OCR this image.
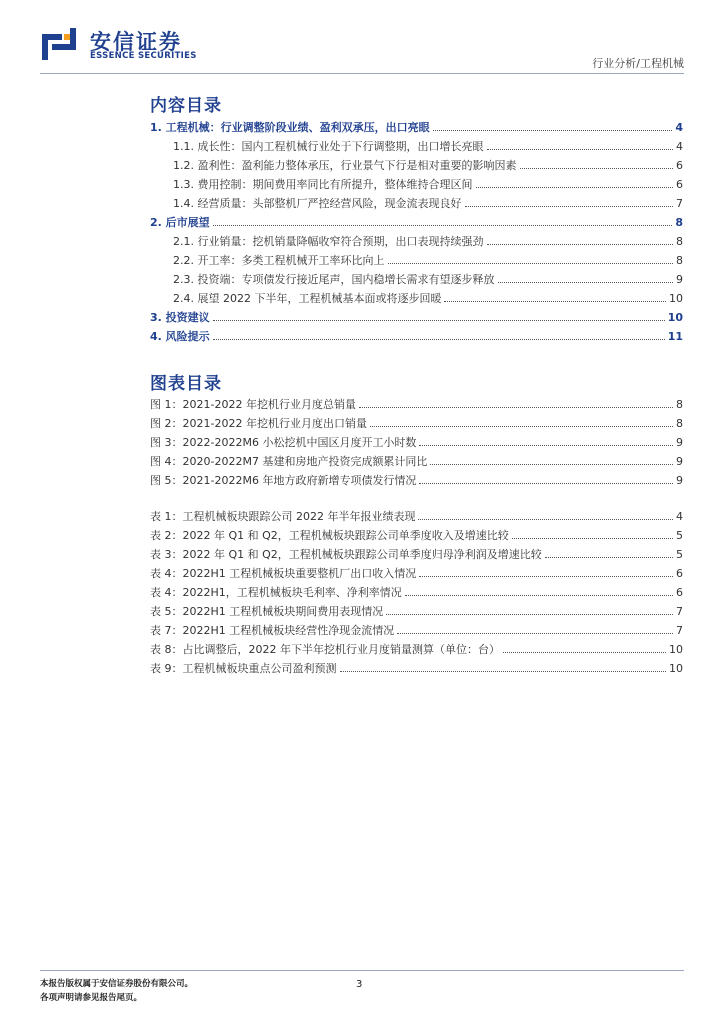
安信证券
ESSENCE SECURITIES
行业分析/工程机械
内容目录
1. 工程机械：行业调整阶段业绩、盈利双承压，出口亮眼	4
1.1. 成长性：国内工程机械行业处于下行调整期，出口增长亮眼	4
1.2. 盈利性：盈利能力整体承压，行业景气下行是相对重要的影响因素	6
1.3. 费用控制：期间费用率同比有所提升，整体维持合理区间	6
1.4. 经营质量：头部整机厂严控经营风险，现金流表现良好	7
2. 后市展望	8
2.1. 行业销量：挖机销量降幅收窄符合预期，出口表现持续强劲	8
2.2. 开工率：多类工程机械开工率环比向上	8
2.3. 投资端：专项债发行接近尾声，国内稳增长需求有望逐步释放	9
2.4. 展望 2022 下半年，工程机械基本面或将逐步回暖	10
3. 投资建议	10
4. 风险提示	11
图表目录
图 1：2021-2022 年挖机行业月度总销量	8
图 2：2021-2022 年挖机行业月度出口销量	8
图 3：2022-2022M6 小松挖机中国区月度开工小时数	9
图 4：2020-2022M7 基建和房地产投资完成额累计同比	9
图 5：2021-2022M6 年地方政府新增专项债发行情况	9
表 1：工程机械板块跟踪公司 2022 年半年报业绩表现	4
表 2：2022 年 Q1 和 Q2，工程机械板块跟踪公司单季度收入及增速比较	5
表 3：2022 年 Q1 和 Q2，工程机械板块跟踪公司单季度归母净利润及增速比较	5
表 4：2022H1 工程机械板块重要整机厂出口收入情况	6
表 4：2022H1，工程机械板块毛利率、净利率情况	6
表 5：2022H1 工程机械板块期间费用表现情况	7
表 7：2022H1 工程机械板块经营性净现金流情况	7
表 8：占比调整后，2022 年下半年挖机行业月度销量测算（单位：台）	10
表 9：工程机械板块重点公司盈利预测	10
本报告版权属于安信证券股份有限公司。
各项声明请参见报告尾页。
3
